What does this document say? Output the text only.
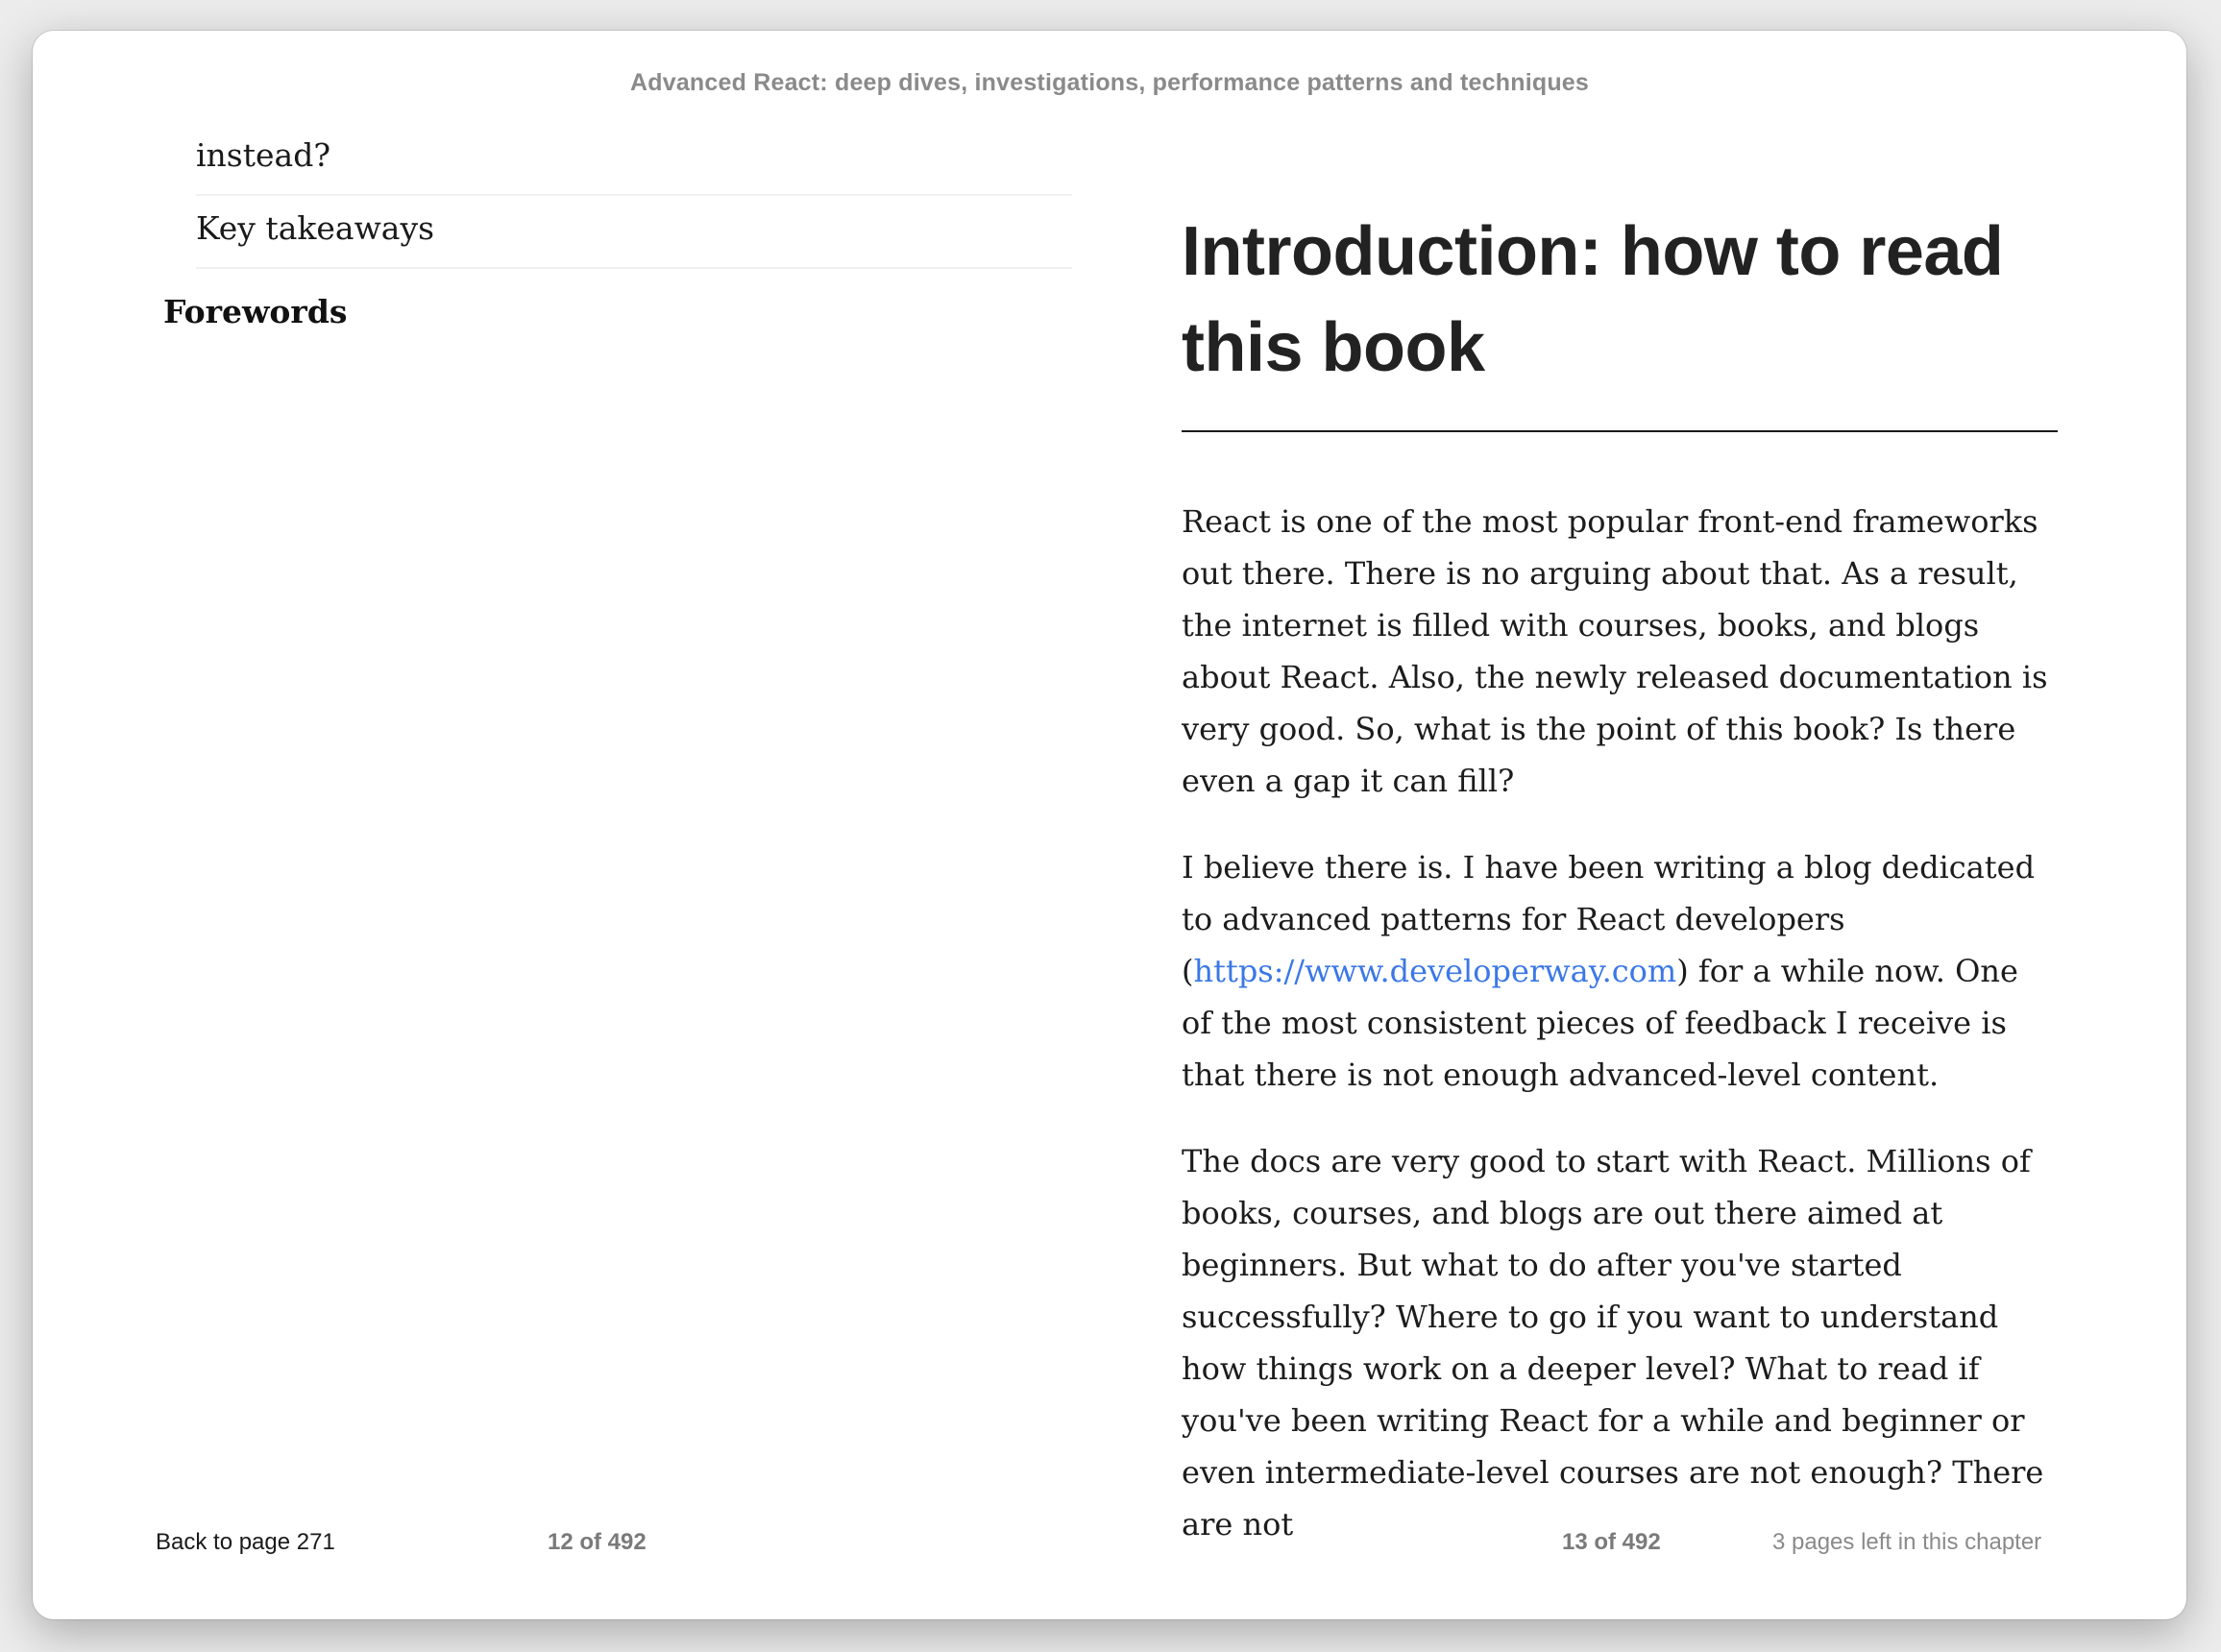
Advanced React: deep dives, investigations, performance patterns and techniques
instead?
Key takeaways
Forewords
Introduction: how to read
this book

React is one of the most popular front-end frameworks out there. There is no arguing about that. As a result, the internet is filled with courses, books, and blogs about React. Also, the newly released documentation is very good. So, what is the point of this book? Is there even a gap it can fill?

I believe there is. I have been writing a blog dedicated to advanced patterns for React developers (https://www.developerway.com) for a while now. One of the most consistent pieces of feedback I receive is that there is not enough advanced-level content.

The docs are very good to start with React. Millions of books, courses, and blogs are out there aimed at beginners. But what to do after you've started successfully? Where to go if you want to understand how things work on a deeper level? What to read if you've been writing React for a while and beginner or even intermediate-level courses are not enough? There are not

Back to page 271	12 of 492	13 of 492	3 pages left in this chapter
